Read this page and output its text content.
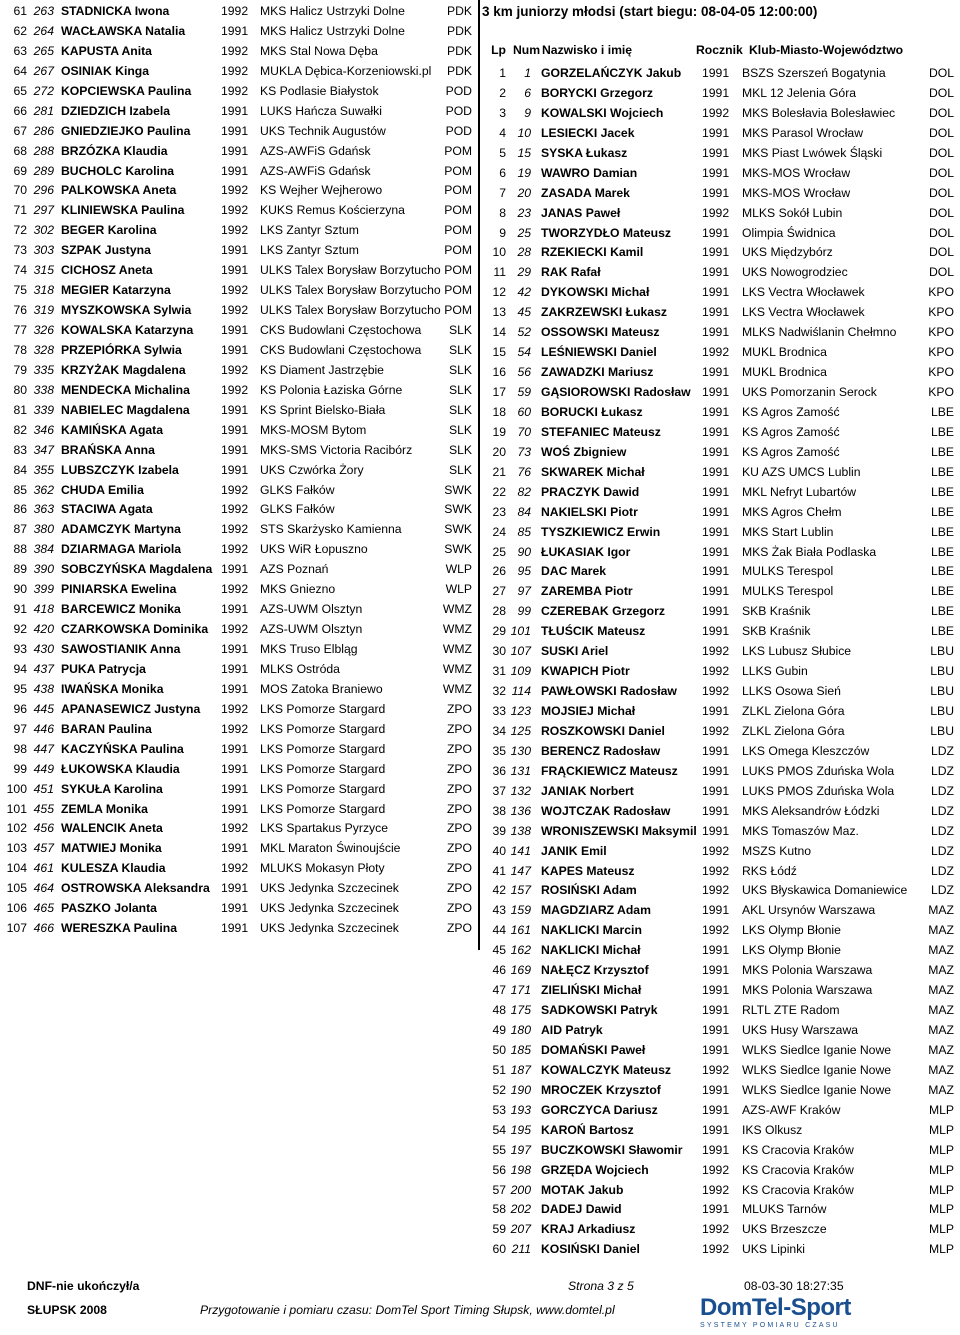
61 263 STADNICKA Iwona	1992 MKS Halicz Ustrzyki Dolne	PDK
62 264 WACŁAWSKA Natalia	1991 MKS Halicz Ustrzyki Dolne	PDK
63 265 KAPUSTA Anita	1992 MKS Stal Nowa Dęba	PDK
64 267 OSINIAK Kinga	1992 MUKLA Dębica-Korzeniowski.pl PDK
65 272 KOPCIEWSKA Paulina 1992 KS Podlasie Białystok	POD
66 281 DZIEDZICH Izabela	1991 LUKS Hańcza Suwałki	POD
67 286 GNIEDZIEJKO Paulina	1991 UKS Technik Augustów	POD
68 288 BRZÓZKA Klaudia	1991 AZS-AWFiS Gdańsk	POM
69 289 BUCHOLC Karolina	1991 AZS-AWFiS Gdańsk	POM
70 296 PALKOWSKA Aneta	1992 KS Wejher Wejherowo	POM
71 297 KLINIEWSKA Paulina	1992 KUKS Remus Kościerzyna	POM
72 302 BEGER Karolina	1992 LKS Zantyr Sztum	POM
73 303 SZPAK Justyna	1991 LKS Zantyr Sztum	POM
74 315 CICHOSZ Aneta	1991 ULKS Talex Borysław Borzytucho POM
75 318 MEGIER Katarzyna	1992 ULKS Talex Borysław Borzytucho POM
76 319 MYSZKOWSKA Sylwia 1992 ULKS Talex Borysław Borzytucho POM
77 326 KOWALSKA Katarzyna 1991 CKS Budowlani Częstochowa SLK
78 328 PRZEPIÓRKA Sylwia	1991 CKS Budowlani Częstochowa SLK
79 335 KRZYŻAK Magdalena	1992 KS Diament Jastrzębie	SLK
80 338 MENDECKA Michalina	1992 KS Polonia Łaziska Górne	SLK
81 339 NABIELEC Magdalena	1991 KS Sprint Bielsko-Biała	SLK
82 346 KAMIŃSKA Agata	1991 MKS-MOSM Bytom	SLK
83 347 BRAŃSKA Anna	1991 MKS-SMS Victoria Racibórz	SLK
84 355 LUBSZCZYK Izabela	1991 UKS Czwórka Żory	SLK
85 362 CHUDA Emilia	1992 GLKS Fałków	SWK
86 363 STACIWA Agata	1992 GLKS Fałków	SWK
87 380 ADAMCZYK Martyna	1992 STS Skarżysko Kamienna	SWK
88 384 DZIARMAGA Mariola	1992 UKS WiR Łopuszno	SWK
89 390 SOBCZYŃSKA Magdalena 1991 AZS Poznań	WLP
90 399 PINIARSKA Ewelina	1992 MKS Gniezno	WLP
91 418 BARCEWICZ Monika	1991 AZS-UWM Olsztyn	WMZ
92 420 CZARKOWSKA Dominika 1992 AZS-UWM Olsztyn	WMZ
93 430 SAWOSTIANIK Anna	1991 MKS Truso Elbląg	WMZ
94 437 PUKA Patrycja	1991 MLKS Ostróda	WMZ
95 438 IWAŃSKA Monika	1991 MOS Zatoka Braniewo	WMZ
96 445 APANASEWICZ Justyna 1992 LKS Pomorze Stargard	ZPO
97 446 BARAN Paulina	1992 LKS Pomorze Stargard	ZPO
98 447 KACZYŃSKA Paulina	1991 LKS Pomorze Stargard	ZPO
99 449 ŁUKOWSKA Klaudia	1991 LKS Pomorze Stargard	ZPO
100 451 SYKUŁA Karolina	1991 LKS Pomorze Stargard	ZPO
101 455 ZEMLA Monika	1991 LKS Pomorze Stargard	ZPO
102 456 WALENCIK Aneta	1992 LKS Spartakus Pyrzyce	ZPO
103 457 MATWIEJ Monika	1991 MKL Maraton Świnoujście	ZPO
104 461 KULESZA Klaudia	1992 MLUKS Mokasyn Płoty	ZPO
105 464 OSTROWSKA Aleksandra 1991 UKS Jedynka Szczecinek	ZPO
106 465 PASZKO Jolanta	1991 UKS Jedynka Szczecinek	ZPO
107 466 WERESZKA Paulina	1991 UKS Jedynka Szczecinek	ZPO
3 km juniorzy młodsi (start biegu: 08-04-05 12:00:00)
Lp Num Nazwisko i imię	Rocznik Klub-Miasto-Województwo
1	1 GORZELAŃCZYK Jakub 1991 BSZS Szerszeń Bogatynia	DOL
2	6 BORYCKI Grzegorz	1991 MKL 12 Jelenia Góra	DOL
3	9 KOWALSKI Wojciech	1992 MKS Bolesłavia Bolesławiec	DOL
4 10 LESIECKI Jacek	1991 MKS Parasol Wrocław	DOL
5 15 SYSKA Łukasz	1991 MKS Piast Lwówek Śląski	DOL
6 19 WAWRO Damian	1991 MKS-MOS Wrocław	DOL
7 20 ZASADA Marek	1991 MKS-MOS Wrocław	DOL
8 23 JANAS Paweł	1992 MLKS Sokół Lubin	DOL
9 25 TWORZYDŁO Mateusz	1991 Olimpia Świdnica	DOL
10 28 RZEKIECKI Kamil	1991 UKS Międzybórz	DOL
11 29 RAK Rafał	1991 UKS Nowogrodziec	DOL
12 42 DYKOWSKI Michał	1991 LKS Vectra Włocławek	KPO
13 45 ZAKRZEWSKI Łukasz	1991 LKS Vectra Włocławek	KPO
14 52 OSSOWSKI Mateusz	1991 MLKS Nadwiślanin Chełmno	KPO
15 54 LEŚNIEWSKI Daniel	1992 MUKL Brodnica	KPO
16 56 ZAWADZKI Mariusz	1991 MUKL Brodnica	KPO
17 59 GĄSIOROWSKI Radosław 1991 UKS Pomorzanin Serock	KPO
18 60 BORUCKI Łukasz	1991 KS Agros Zamość	LBE
19 70 STEFANIEC Mateusz	1991 KS Agros Zamość	LBE
20 73 WOŚ Zbigniew	1991 KS Agros Zamość	LBE
21 76 SKWAREK Michał	1991 KU AZS UMCS Lublin	LBE
22 82 PRACZYK Dawid	1991 MKL Nefryt Lubartów	LBE
23 84 NAKIELSKI Piotr	1991 MKS Agros Chełm	LBE
24 85 TYSZKIEWICZ Erwin	1991 MKS Start Lublin	LBE
25 90 ŁUKASIAK Igor	1991 MKS Żak Biała Podlaska	LBE
26 95 DAC Marek	1991 MULKS Terespol	LBE
27 97 ZAREMBA Piotr	1991 MULKS Terespol	LBE
28 99 CZEREBAK Grzegorz	1991 SKB Kraśnik	LBE
29 101 TŁUŚCIK Mateusz	1991 SKB Kraśnik	LBE
30 107 SUSKI Ariel	1992 LKS Lubusz Słubice	LBU
31 109 KWAPICH Piotr	1992 LLKS Gubin	LBU
32 114 PAWŁOWSKI Radosław 1992 LLKS Osowa Sień	LBU
33 123 MOJSIEJ Michał	1991 ZLKL Zielona Góra	LBU
34 125 ROSZKOWSKI Daniel	1992 ZLKL Zielona Góra	LBU
35 130 BERENCZ Radosław	1991 LKS Omega Kleszczów	LDZ
36 131 FRĄCKIEWICZ Mateusz 1991 LUKS PMOS Zduńska Wola	LDZ
37 132 JANIAK Norbert	1991 LUKS PMOS Zduńska Wola	LDZ
38 136 WOJTCZAK Radosław	1991 MKS Aleksandrów Łódzki	LDZ
39 138 WRONISZEWSKI Maksymil 1991 MKS Tomaszów Maz.	LDZ
40 141 JANIK Emil	1992 MSZS Kutno	LDZ
41 147 KAPES Mateusz	1992 RKS Łódź	LDZ
42 157 ROSIŃSKI Adam	1992 UKS Błyskawica Domaniewice LDZ
43 159 MAGDZIARZ Adam	1991 AKL Ursynów Warszawa	MAZ
44 161 NAKLICKI Marcin	1992 LKS Olymp Błonie	MAZ
45 162 NAKLICKI Michał	1991 LKS Olymp Błonie	MAZ
46 169 NAŁĘCZ Krzysztof	1991 MKS Polonia Warszawa	MAZ
47 171 ZIELIŃSKI Michał	1991 MKS Polonia Warszawa	MAZ
48 175 SADKOWSKI Patryk	1991 RLTL ZTE Radom	MAZ
49 180 AID Patryk	1991 UKS Husy Warszawa	MAZ
50 185 DOMAŃSKI Paweł	1991 WLKS Siedlce Iganie Nowe	MAZ
51 187 KOWALCZYK Mateusz	1992 WLKS Siedlce Iganie Nowe	MAZ
52 190 MROCZEK Krzysztof	1991 WLKS Siedlce Iganie Nowe	MAZ
53 193 GORCZYCA Dariusz	1991 AZS-AWF Kraków	MLP
54 195 KAROŃ Bartosz	1991 IKS Olkusz	MLP
55 197 BUCZKOWSKI Sławomir 1991 KS Cracovia Kraków	MLP
56 198 GRZĘDA Wojciech	1992 KS Cracovia Kraków	MLP
57 200 MOTAK Jakub	1992 KS Cracovia Kraków	MLP
58 202 DADEJ Dawid	1991 MLUKS Tarnów	MLP
59 207 KRAJ Arkadiusz	1992 UKS Brzeszcze	MLP
60 211 KOSIŃSKI Daniel	1992 UKS Lipinki	MLP
DNF-nie ukończył/a	Strona 3 z 5	08-03-30 18:27:35
SŁUPSK 2008	Przygotowanie i pomiaru czasu: DomTel Sport Timing Słupsk, www.domtel.pl	DomTel-Sport
SYSTEMY POMIARU CZASU
